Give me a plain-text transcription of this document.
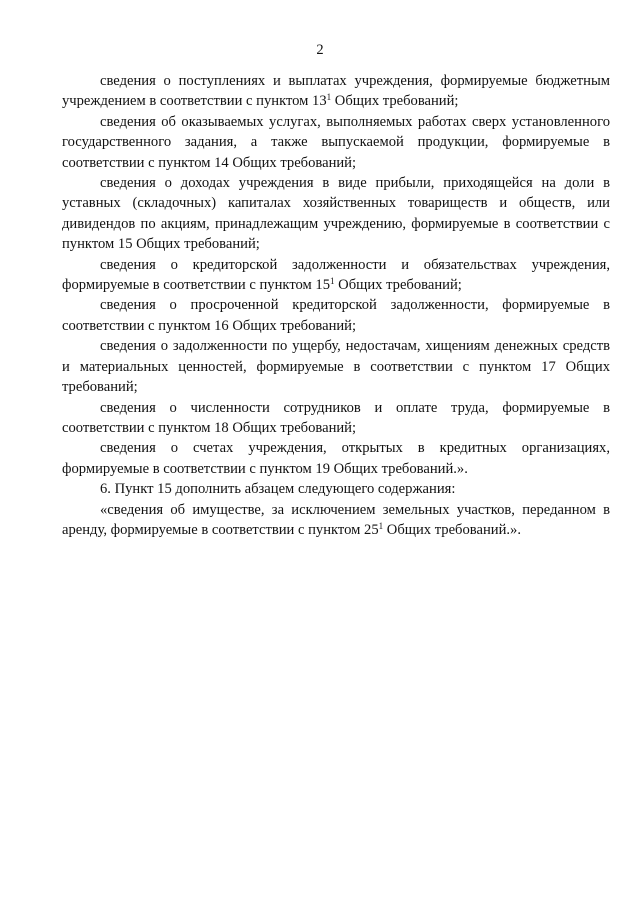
2

сведения о поступлениях и выплатах учреждения, формируемые бюджетным учреждением в соответствии с пунктом $13^1$ Общих требований;

сведения об оказываемых услугах, выполняемых работах сверх установленного государственного задания, а также выпускаемой продукции, формируемые в соответствии с пунктом 14 Общих требований;

сведения о доходах учреждения в виде прибыли, приходящейся на доли в уставных (складочных) капиталах хозяйственных товариществ и обществ, или дивидендов по акциям, принадлежащим учреждению, формируемые в соответствии с пунктом 15 Общих требований;

сведения о кредиторской задолженности и обязательствах учреждения, формируемые в соответствии с пунктом $15^1$ Общих требований;

сведения о просроченной кредиторской задолженности, формируемые в соответствии с пунктом 16 Общих требований;

сведения о задолженности по ущербу, недостачам, хищениям денежных средств и материальных ценностей, формируемые в соответствии с пунктом 17 Общих требований;

сведения о численности сотрудников и оплате труда, формируемые в соответствии с пунктом 18 Общих требований;

сведения о счетах учреждения, открытых в кредитных организациях, формируемые в соответствии с пунктом 19 Общих требований.».

6. Пункт 15 дополнить абзацем следующего содержания:

«сведения об имуществе, за исключением земельных участков, переданном в аренду, формируемые в соответствии с пунктом $25^1$ Общих требований.».
